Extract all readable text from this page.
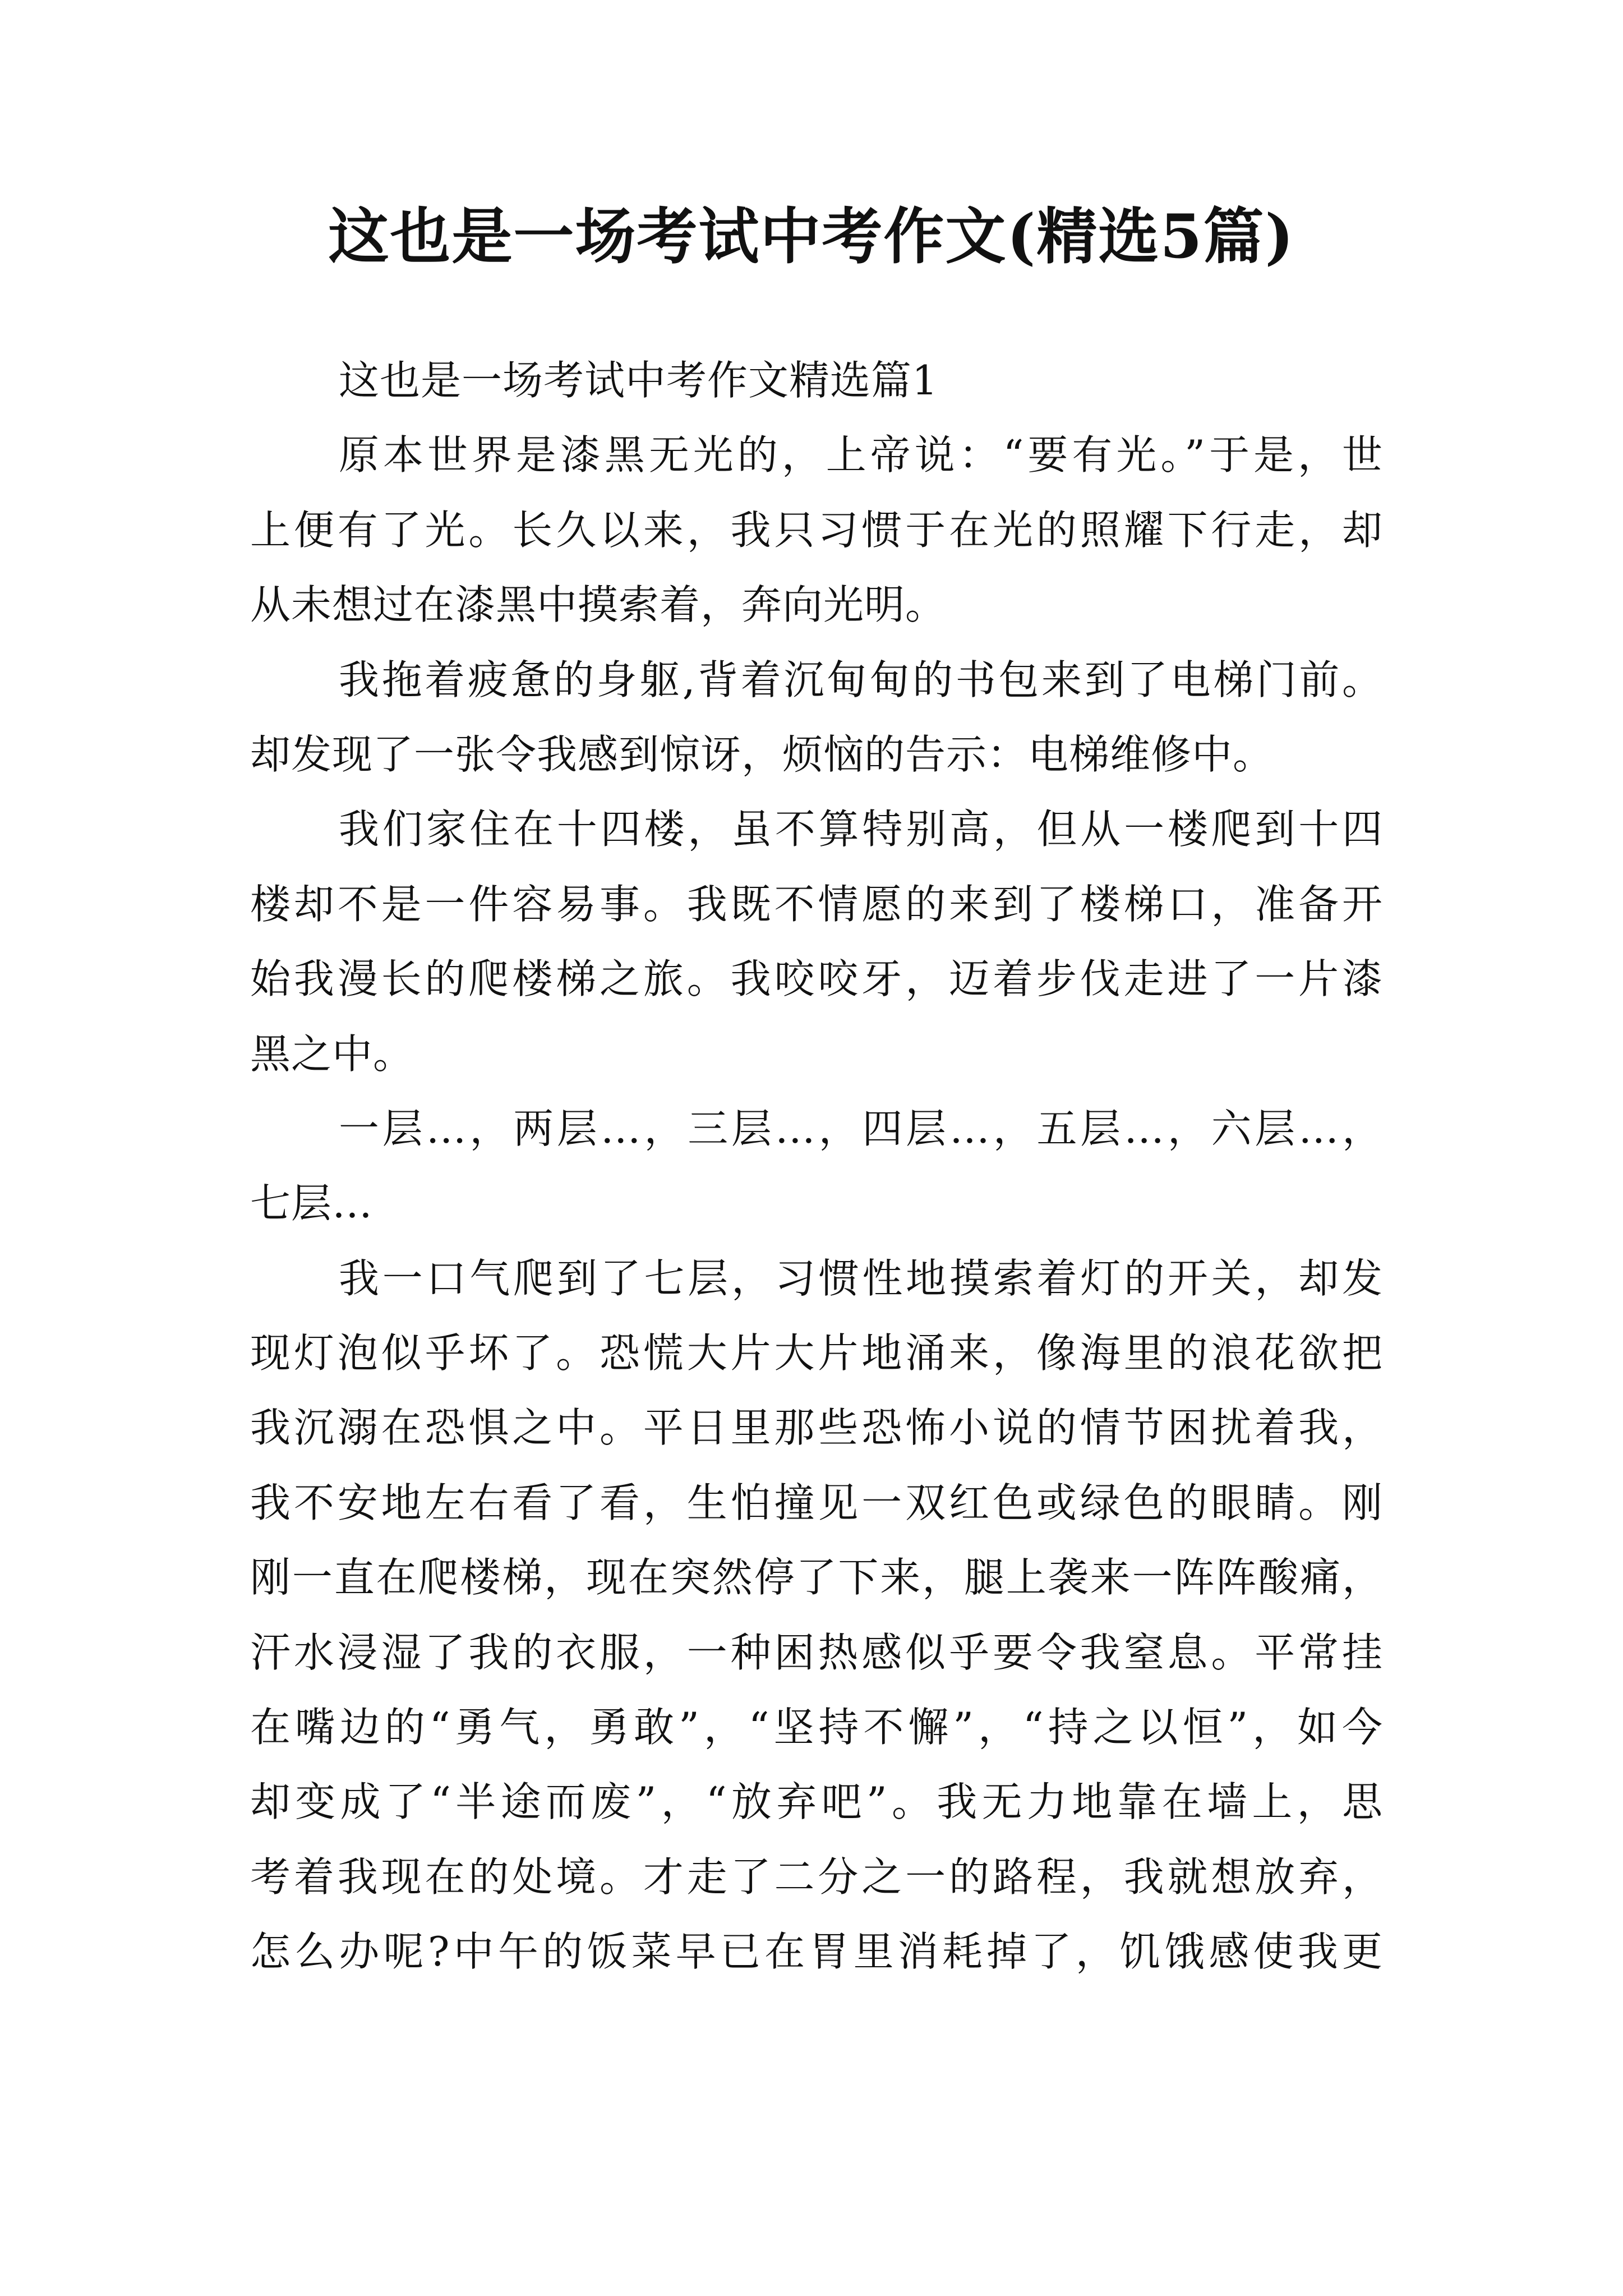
这也是一场考试中考作文(精选5篇)
这也是一场考试中考作文精选篇1
原本世界是漆黑无光的，上帝说：“要有光。”于是，世
上便有了光。长久以来，我只习惯于在光的照耀下行走，却
从未想过在漆黑中摸索着，奔向光明。
我拖着疲惫的身躯,背着沉甸甸的书包来到了电梯门前。
却发现了一张令我感到惊讶，烦恼的告示：电梯维修中。
我们家住在十四楼，虽不算特别高，但从一楼爬到十四
楼却不是一件容易事。我既不情愿的来到了楼梯口，准备开
始我漫长的爬楼梯之旅。我咬咬牙，迈着步伐走进了一片漆
黑之中。
一层…，两层…，三层…，四层…，五层…，六层…，
七层…
我一口气爬到了七层，习惯性地摸索着灯的开关，却发
现灯泡似乎坏了。恐慌大片大片地涌来，像海里的浪花欲把
我沉溺在恐惧之中。平日里那些恐怖小说的情节困扰着我，
我不安地左右看了看，生怕撞见一双红色或绿色的眼睛。刚
刚一直在爬楼梯，现在突然停了下来，腿上袭来一阵阵酸痛，
汗水浸湿了我的衣服，一种困热感似乎要令我窒息。平常挂
在嘴边的“勇气，勇敢”，“坚持不懈”，“持之以恒”，如今
却变成了“半途而废”，“放弃吧”。我无力地靠在墙上，思
考着我现在的处境。才走了二分之一的路程，我就想放弃，
怎么办呢?中午的饭菜早已在胃里消耗掉了，饥饿感使我更
